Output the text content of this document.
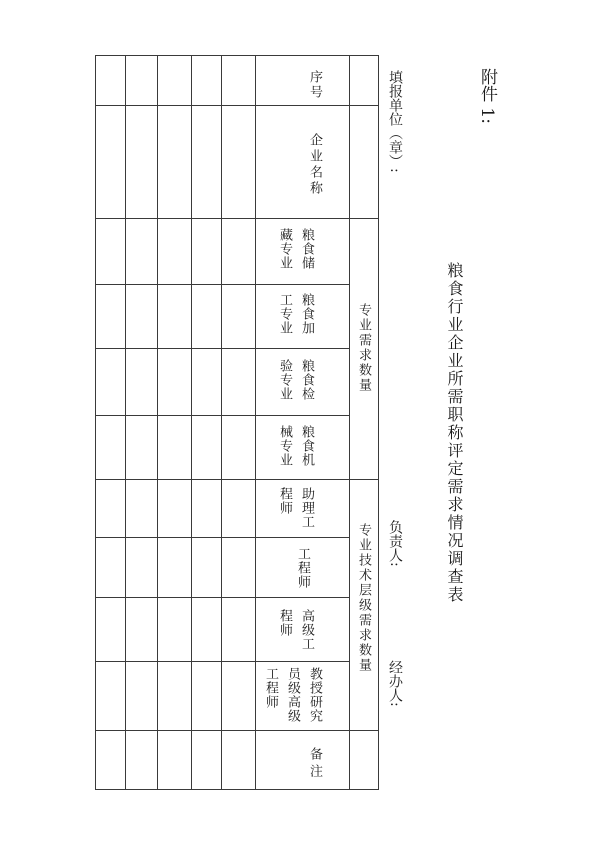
附件 1:
粮食行业企业所需职称评定需求情况调查表
填报单位（章）:
负责人:
经办人:
序号
企业名称
专业需求数量
专业技术层级需求数量
粮食储
藏专业
粮食加
工专业
粮食检
验专业
粮食机
械专业
助理工
程师
工程师
高级工
程师
教授研究
员级高级
工程师
备注
